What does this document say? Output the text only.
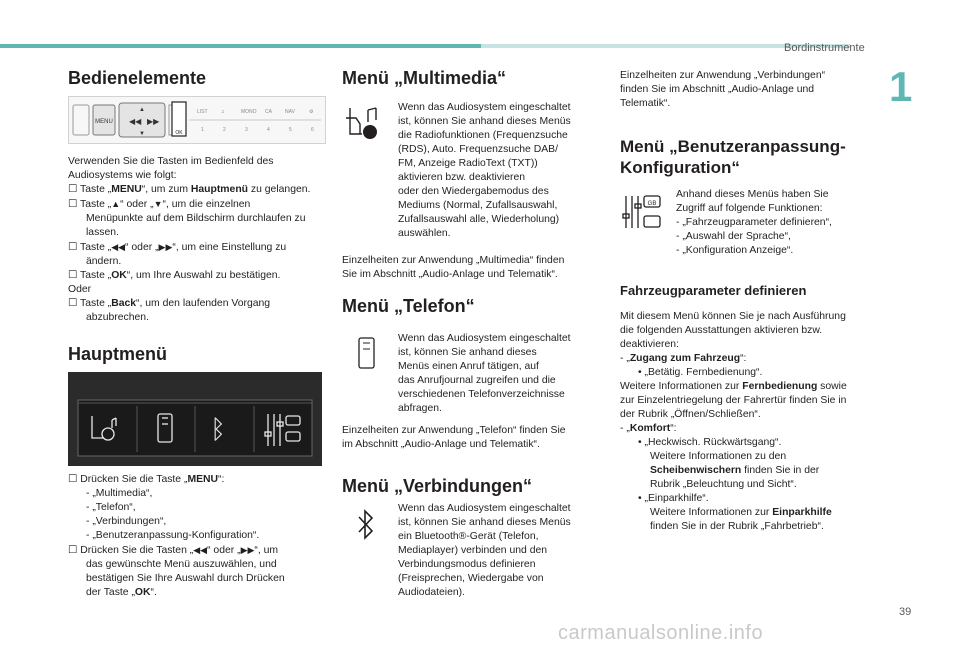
Bordinstrumente
1
Bedienelemente
MENU ◀◀ ▶▶
▲
▼	OK
LIST	♫	MONO CA	NAV	⚙
1	2	3	4	5	6

Verwenden Sie die Tasten im Bedienfeld des

Audiosystems wie folgt:

☐ Taste „MENU“, um zum Hauptmenü zu gelangen.

☐ Taste „▲“ oder „▼“, um die einzelnen

Menüpunkte auf dem Bildschirm durchlaufen zu

lassen.

☐ Taste „◀◀“ oder „▶▶“, um eine Einstellung zu

ändern.

☐ Taste „OK“, um Ihre Auswahl zu bestätigen.

Oder

☐ Taste „Back“, um den laufenden Vorgang

abzubrechen.

Hauptmenü
ᛒ

☐ Drücken Sie die Taste „MENU“:

- „Multimedia“,

- „Telefon“,

- „Verbindungen“,

- „Benutzeranpassung-Konfiguration“.

☐ Drücken Sie die Tasten „◀◀“ oder „▶▶“, um

das gewünschte Menü auszuwählen, und

bestätigen Sie Ihre Auswahl durch Drücken

der Taste „OK“.

Menü „Multimedia“

Wenn das Audiosystem eingeschaltet

ist, können Sie anhand dieses Menüs

die Radiofunktionen (Frequenzsuche

(RDS), Auto. Frequenzsuche DAB/

FM, Anzeige RadioText (TXT))

aktivieren bzw. deaktivieren

oder den Wiedergabemodus des

Mediums (Normal, Zufallsauswahl,

Zufallsauswahl alle, Wiederholung)

auswählen.

Einzelheiten zur Anwendung „Multimedia“ finden

Sie im Abschnitt „Audio-Anlage und Telematik“.

Menü „Telefon“

Wenn das Audiosystem eingeschaltet

ist, können Sie anhand dieses

Menüs einen Anruf tätigen, auf

das Anrufjournal zugreifen und die

verschiedenen Telefonverzeichnisse

abfragen.

Einzelheiten zur Anwendung „Telefon“ finden Sie

im Abschnitt „Audio-Anlage und Telematik“.

Menü „Verbindungen“

Wenn das Audiosystem eingeschaltet

ist, können Sie anhand dieses Menüs

ein Bluetooth®-Gerät (Telefon,

Mediaplayer) verbinden und den

Verbindungsmodus definieren

(Freisprechen, Wiedergabe von

Audiodateien).

Einzelheiten zur Anwendung „Verbindungen“

finden Sie im Abschnitt „Audio-Anlage und

Telematik“.

Menü „Benutzeranpassung-

Konfiguration“

GB

Anhand dieses Menüs haben Sie

Zugriff auf folgende Funktionen:

- „Fahrzeugparameter definieren“,

- „Auswahl der Sprache“,

- „Konfiguration Anzeige“.

Fahrzeugparameter definieren

Mit diesem Menü können Sie je nach Ausführung

die folgenden Ausstattungen aktivieren bzw.

deaktivieren:

- „Zugang zum Fahrzeug“:

• „Betätig. Fernbedienung“.

Weitere Informationen zur Fernbedienung sowie

zur Einzelentriegelung der Fahrertür finden Sie in

der Rubrik „Öffnen/Schließen“.

- „Komfort“:

• „Heckwisch. Rückwärtsgang“.

Weitere Informationen zu den

Scheibenwischern finden Sie in der

Rubrik „Beleuchtung und Sicht“.

• „Einparkhilfe“.

Weitere Informationen zur Einparkhilfe

finden Sie in der Rubrik „Fahrbetrieb“.

39
carmanualsonline.info
